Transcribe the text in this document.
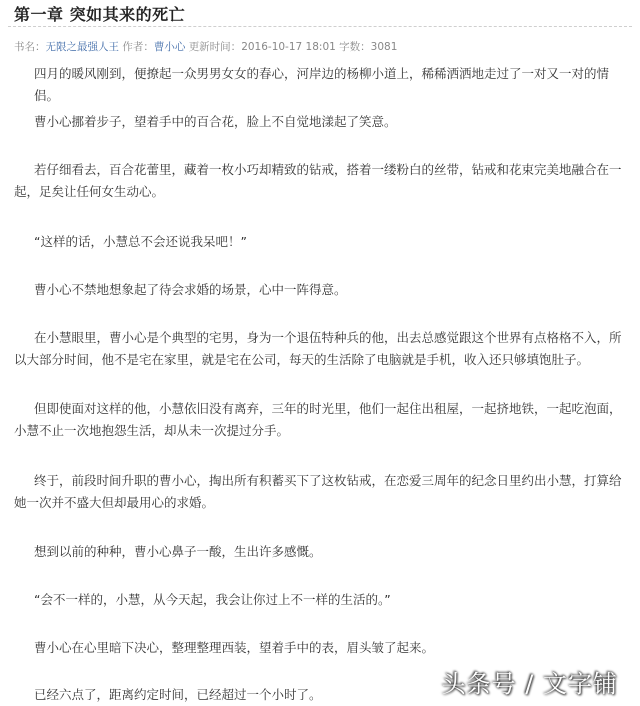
第一章 突如其来的死亡
书名：无限之最强人王 作者：曹小心 更新时间：2016-10-17 18:01 字数：3081

四月的暖风刚到，便撩起一众男男女女的春心，河岸边的杨柳小道上，稀稀洒洒地走过了一对又一对的情侣。

曹小心挪着步子，望着手中的百合花，脸上不自觉地漾起了笑意。

若仔细看去，百合花蕾里，藏着一枚小巧却精致的钻戒，搭着一缕粉白的丝带，钻戒和花束完美地融合在一起，足矣让任何女生动心。

“这样的话，小慧总不会还说我呆吧！”

曹小心不禁地想象起了待会求婚的场景，心中一阵得意。

在小慧眼里，曹小心是个典型的宅男，身为一个退伍特种兵的他，出去总感觉跟这个世界有点格格不入，所以大部分时间，他不是宅在家里，就是宅在公司，每天的生活除了电脑就是手机，收入还只够填饱肚子。

但即使面对这样的他，小慧依旧没有离弃，三年的时光里，他们一起住出租屋，一起挤地铁，一起吃泡面，小慧不止一次地抱怨生活，却从未一次提过分手。

终于，前段时间升职的曹小心，掏出所有积蓄买下了这枚钻戒，在恋爱三周年的纪念日里约出小慧，打算给她一次并不盛大但却最用心的求婚。

想到以前的种种，曹小心鼻子一酸，生出许多感慨。

“会不一样的，小慧，从今天起，我会让你过上不一样的生活的。”

曹小心在心里暗下决心，整理整理西装，望着手中的表，眉头皱了起来。

已经六点了，距离约定时间，已经超过一个小时了。	头条号 / 文字铺
